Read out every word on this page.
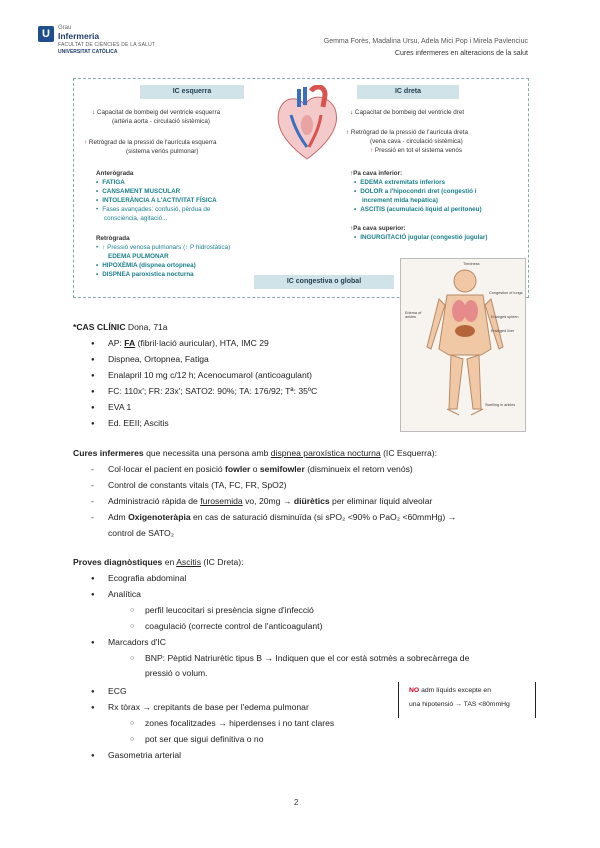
U	Grau
Infermeria
FACULTAT DE CIÈNCIES DE LA SALUT
UNIVERSITAT CATÒLICA
Gemma Forès, Madalina Ursu, Adela Mici Pop i Mirela Pavlenciuc
Cures infermeres en alteracions de la salut
IC esquerra	IC dreta
↓ Capacitat de bombeig del ventricle esquerra
(artèria aorta - circulació sistèmica)
↑ Retrògrad de la pressió de l'aurícula esquerra
(sistema venós pulmonar)
Anterògrada
• FATIGA
• CANSAMENT MUSCULAR
• INTOLERÀNCIA A L'ACTIVITAT FÍSICA
• Fases avançades: confusió, pèrdua de
consciència, agitació...
Retrògrada
• ↑ Pressió venosa pulmonars (↑ P hidrostàtica)
EDEMA PULMONAR
• HIPOXÈMIA (dispnea ortopnea)
• DISPNEA paroxística nocturna
↓ Capacitat de bombeig del ventricle dret
↑ Retrògrad de la pressió de l'aurícula dreta
(vena cava - circulació sistèmica)
↑ Pressió en tot el sistema venós
↑Pa cava inferior:
• EDEMA extremitats inferiors
• DOLOR a l'hipocondri dret (congestió i
increment mida hepàtica)
• ASCITIS (acumulació líquid al peritoneu)
↑Pa cava superior:
• INGURGITACIÓ jugular (congestió jugular)
IC congestiva o global
Tiredness
Congestion of lungs
Edema of ankles	Enlarged spleen
Enlarged liver
Swelling in ankles
*CAS CLÍNIC Dona, 71a
● AP: FA (fibril·lació auricular), HTA, IMC 29
● Dispnea, Ortopnea, Fatiga
● Enalapril 10 mg c/12 h; Acenocumarol (anticoagulant)
● FC: 110x'; FR: 23x'; SATO2: 90%; TA: 176/92; Tª: 35ºC
● EVA 1
● Ed. EEII; Ascitis
Cures infermeres que necessita una persona amb dispnea paroxística nocturna (IC Esquerra):
- Col·locar el pacient en posició fowler o semifowler (disminueix el retorn venós)
- Control de constants vitals (TA, FC, FR, SpO2)
- Administració ràpida de furosemida vo, 20mg → diürètics per eliminar líquid alveolar
- Adm Oxigenoteràpia en cas de saturació disminuïda (si sPO₂ <90% o PaO₂ <60mmHg) →
control de SATO₂
Proves diagnòstiques en Ascitis (IC Dreta):
● Ecografia abdominal
● Analítica
○ perfil leucocitari si presència signe d'infecció
○ coagulació (correcte control de l'anticoagulant)
● Marcadors d'IC
○ BNP: Pèptid Natriurètic tipus B → Indiquen que el cor està sotmès a sobrecàrrega de
pressió o volum.
● ECG
● Rx tòrax → crepitants de base per l'edema pulmonar
○ zones focalitzades → hiperdenses i no tant clares
○ pot ser que sigui definitiva o no
● Gasometria arterial
NO adm líquids excepte en
una hipotensió → TAS <80mmHg
2
